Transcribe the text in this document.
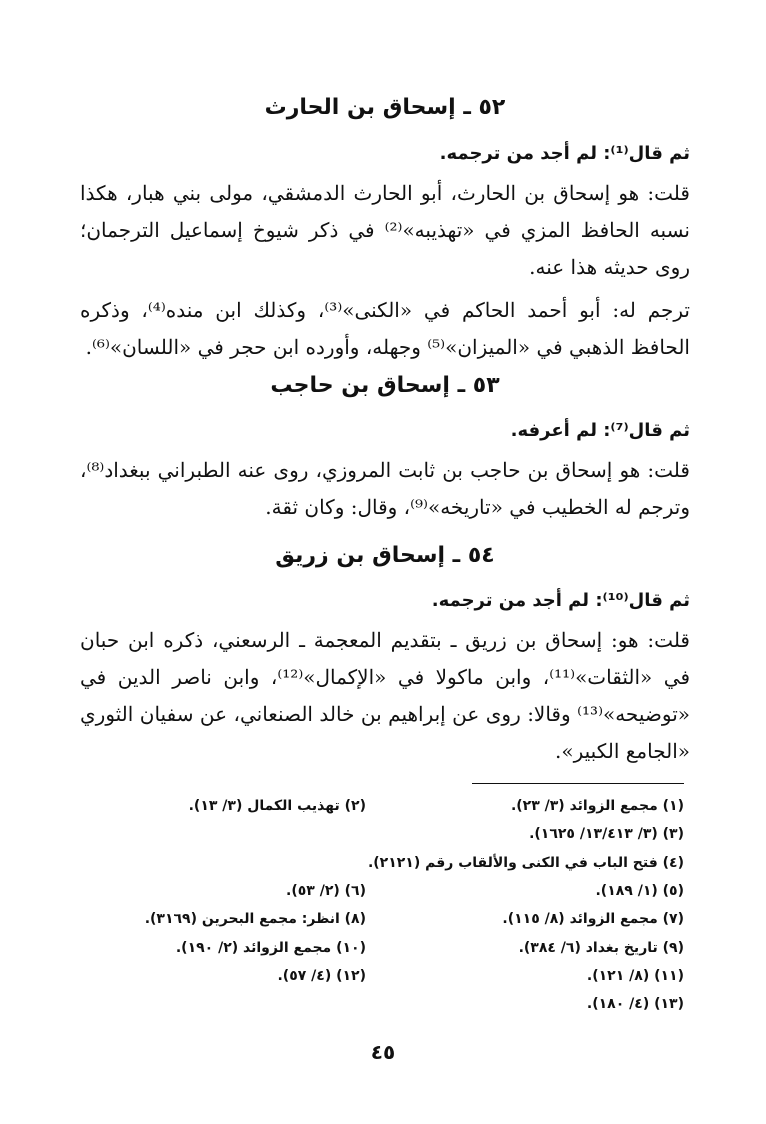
٥٢ ـ إسحاق بن الحارث
ثم قال⁽¹⁾: لم أجد من ترجمه.

قلت: هو إسحاق بن الحارث، أبو الحارث الدمشقي، مولى بني هبار، هكذا نسبه الحافظ المزي في «تهذيبه»⁽²⁾ في ذكر شيوخ إسماعيل الترجمان؛ روى حديثه هذا عنه.

ترجم له: أبو أحمد الحاكم في «الكنى»⁽³⁾، وكذلك ابن منده⁽⁴⁾، وذكره الحافظ الذهبي في «الميزان»⁽⁵⁾ وجهله، وأورده ابن حجر في «اللسان»⁽⁶⁾.

٥٣ ـ إسحاق بن حاجب
ثم قال⁽⁷⁾: لم أعرفه.

قلت: هو إسحاق بن حاجب بن ثابت المروزي، روى عنه الطبراني ببغداد⁽⁸⁾، وترجم له الخطيب في «تاريخه»⁽⁹⁾، وقال: وكان ثقة.

٥٤ ـ إسحاق بن زريق
ثم قال⁽¹⁰⁾: لم أجد من ترجمه.

قلت: هو: إسحاق بن زريق ـ بتقديم المعجمة ـ الرسعني، ذكره ابن حبان في «الثقات»⁽¹¹⁾، وابن ماكولا في «الإكمال»⁽¹²⁾، وابن ناصر الدين في «توضيحه»⁽¹³⁾ وقالا: روى عن إبراهيم بن خالد الصنعاني، عن سفيان الثوري «الجامع الكبير».

(١) مجمع الزوائد (٣/ ٢٣).
(٢) تهذيب الكمال (٣/ ١٣).
(٣) (٣/ ١٣/٤١٣/ ١٦٢٥).
(٤) فتح الباب في الكنى والألقاب رقم (٢١٢١).
(٥) (١/ ١٨٩).
(٦) (٢/ ٥٣).
(٧) مجمع الزوائد (٨/ ١١٥).
(٨) انظر: مجمع البحرين (٣١٦٩).
(٩) تاريخ بغداد (٦/ ٣٨٤).
(١٠) مجمع الزوائد (٢/ ١٩٠).
(١١) (٨/ ١٢١).
(١٢) (٤/ ٥٧).
(١٣) (٤/ ١٨٠).
٤٥
